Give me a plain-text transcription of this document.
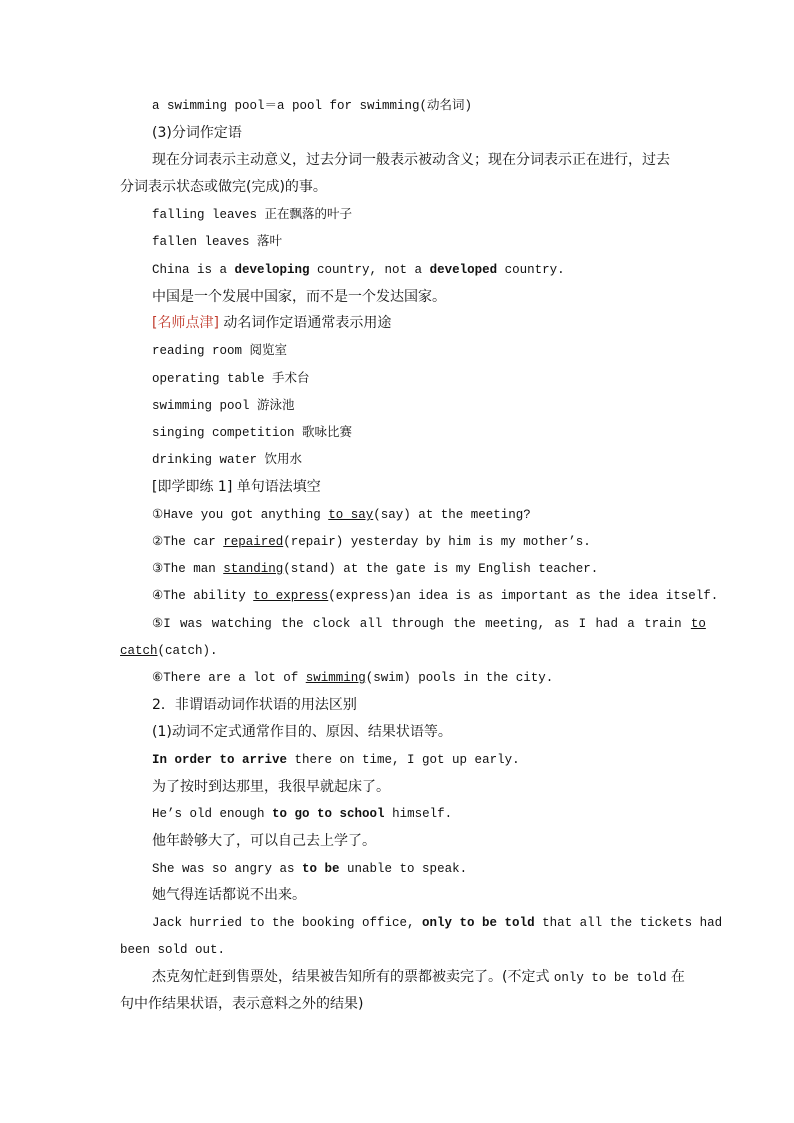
a swimming pool＝a pool for swimming(动名词)
(3)分词作定语
现在分词表示主动意义，过去分词一般表示被动含义；现在分词表示正在进行，过去
分词表示状态或做完(完成)的事。
falling leaves 正在飘落的叶子
fallen leaves 落叶
China is a developing country, not a developed country.
中国是一个发展中国家，而不是一个发达国家。
[名师点津] 动名词作定语通常表示用途
reading room 阅览室
operating table 手术台
swimming pool 游泳池
singing competition 歌咏比赛
drinking water 饮用水
[即学即练 1] 单句语法填空
①Have you got anything to say(say) at the meeting?
②The car repaired(repair) yesterday by him is my mother’s.
③The man standing(stand) at the gate is my English teacher.
④The ability to express(express)an idea is as important as the idea itself.
⑤I was watching the clock all through the meeting, as I had a train to
catch(catch).
⑥There are a lot of swimming(swim) pools in the city.
2．非谓语动词作状语的用法区别
(1)动词不定式通常作目的、原因、结果状语等。
In order to arrive there on time, I got up early.
为了按时到达那里，我很早就起床了。
He’s old enough to go to school himself.
他年龄够大了，可以自己去上学了。
She was so angry as to be unable to speak.
她气得连话都说不出来。
Jack hurried to the booking office, only to be told that all the tickets had
been sold out.
杰克匆忙赶到售票处，结果被告知所有的票都被卖完了。(不定式 only to be told 在
句中作结果状语，表示意料之外的结果)
